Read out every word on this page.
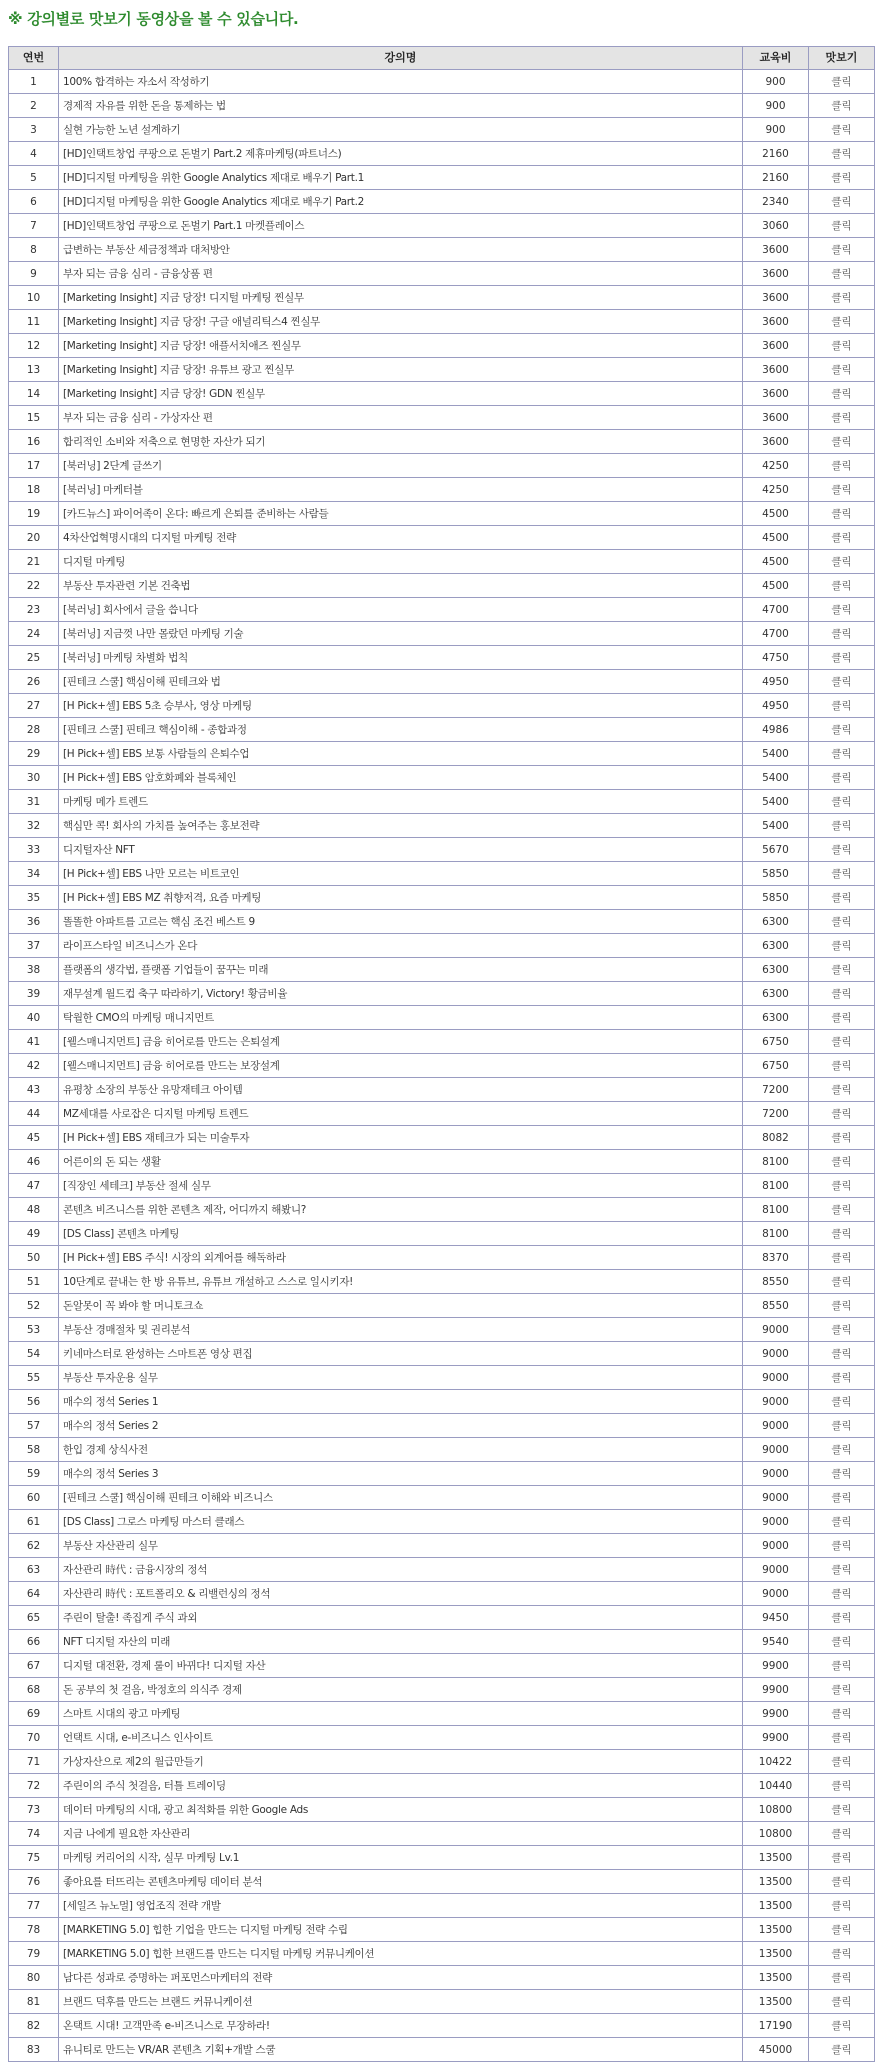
※ 강의별로 맛보기 동영상을 볼 수 있습니다.
연번	강의명	교육비	맛보기
1	100% 합격하는 자소서 작성하기	900	클릭
2	경제적 자유를 위한 돈을 통제하는 법	900	클릭
3	실현 가능한 노년 설계하기	900	클릭
4	[HD]인택트창업 쿠팡으로 돈벌기 Part.2 제휴마케팅(파트너스)	2160	클릭
5	[HD]디지털 마케팅을 위한 Google Analytics 제대로 배우기 Part.1	2160	클릭
6	[HD]디지털 마케팅을 위한 Google Analytics 제대로 배우기 Part.2	2340	클릭
7	[HD]인택트창업 쿠팡으로 돈벌기 Part.1 마켓플레이스	3060	클릭
8	급변하는 부동산 세금정책과 대처방안	3600	클릭
9	부자 되는 금융 심리 - 금융상품 편	3600	클릭
10	[Marketing Insight] 지금 당장! 디지털 마케팅 찐실무	3600	클릭
11	[Marketing Insight] 지금 당장! 구글 애널리틱스4 찐실무	3600	클릭
12	[Marketing Insight] 지금 당장! 애플서치애즈 찐실무	3600	클릭
13	[Marketing Insight] 지금 당장! 유튜브 광고 찐실무	3600	클릭
14	[Marketing Insight] 지금 당장! GDN 찐실무	3600	클릭
15	부자 되는 금융 심리 - 가상자산 편	3600	클릭
16	합리적인 소비와 저축으로 현명한 자산가 되기	3600	클릭
17	[북러닝] 2단계 글쓰기	4250	클릭
18	[북러닝] 마케터블	4250	클릭
19	[카드뉴스] 파이어족이 온다: 빠르게 은퇴를 준비하는 사람들	4500	클릭
20	4차산업혁명시대의 디지털 마케팅 전략	4500	클릭
21	디지털 마케팅	4500	클릭
22	부동산 투자관련 기본 건축법	4500	클릭
23	[북러닝] 회사에서 글을 씁니다	4700	클릭
24	[북러닝] 지금껏 나만 몰랐던 마케팅 기술	4700	클릭
25	[북러닝] 마케팅 차별화 법칙	4750	클릭
26	[핀테크 스쿨] 핵심이해 핀테크와 법	4950	클릭
27	[H Pick+셀] EBS 5초 승부사, 영상 마케팅	4950	클릭
28	[핀테크 스쿨] 핀테크 핵심이해 - 종합과정	4986	클릭
29	[H Pick+셀] EBS 보통 사람들의 은퇴수업	5400	클릭
30	[H Pick+셀] EBS 암호화폐와 블록체인	5400	클릭
31	마케팅 메가 트렌드	5400	클릭
32	핵심만 콕! 회사의 가치를 높여주는 홍보전략	5400	클릭
33	디지털자산 NFT	5670	클릭
34	[H Pick+셀] EBS 나만 모르는 비트코인	5850	클릭
35	[H Pick+셀] EBS MZ 취향저격, 요즘 마케팅	5850	클릭
36	똘똘한 아파트를 고르는 핵심 조건 베스트 9	6300	클릭
37	라이프스타일 비즈니스가 온다	6300	클릭
38	플랫폼의 생각법, 플랫폼 기업들이 꿈꾸는 미래	6300	클릭
39	재무설계 월드컵 축구 따라하기, Victory! 황금비율	6300	클릭
40	탁월한 CMO의 마케팅 매니지먼트	6300	클릭
41	[웰스매니지먼트] 금융 히어로를 만드는 은퇴설계	6750	클릭
42	[웰스매니지먼트] 금융 히어로를 만드는 보장설계	6750	클릭
43	유평창 소장의 부동산 유망재테크 아이템	7200	클릭
44	MZ세대를 사로잡은 디지털 마케팅 트렌드	7200	클릭
45	[H Pick+셀] EBS 재테크가 되는 미술투자	8082	클릭
46	어른이의 돈 되는 생활	8100	클릭
47	[직장인 세테크] 부동산 절세 실무	8100	클릭
48	콘텐츠 비즈니스를 위한 콘텐츠 제작, 어디까지 해봤니?	8100	클릭
49	[DS Class] 콘텐츠 마케팅	8100	클릭
50	[H Pick+셀] EBS 주식! 시장의 외계어를 해독하라	8370	클릭
51	10단계로 끝내는 한 방 유튜브, 유튜브 개설하고 스스로 일시키자!	8550	클릭
52	돈알못이 꼭 봐야 할 머니토크쇼	8550	클릭
53	부동산 경매절차 및 권리분석	9000	클릭
54	키네마스터로 완성하는 스마트폰 영상 편집	9000	클릭
55	부동산 투자운용 실무	9000	클릭
56	매수의 정석 Series 1	9000	클릭
57	매수의 정석 Series 2	9000	클릭
58	한입 경제 상식사전	9000	클릭
59	매수의 정석 Series 3	9000	클릭
60	[핀테크 스쿨] 핵심이해 핀테크 이해와 비즈니스	9000	클릭
61	[DS Class] 그로스 마케팅 마스터 클래스	9000	클릭
62	부동산 자산관리 실무	9000	클릭
63	자산관리 時代 : 금융시장의 정석	9000	클릭
64	자산관리 時代 : 포트폴리오 & 리밸런싱의 정석	9000	클릭
65	주린이 탈출! 족집게 주식 과외	9450	클릭
66	NFT 디지털 자산의 미래	9540	클릭
67	디지털 대전환, 경제 룰이 바뀌다! 디지털 자산	9900	클릭
68	돈 공부의 첫 걸음, 박정호의 의식주 경제	9900	클릭
69	스마트 시대의 광고 마케팅	9900	클릭
70	언택트 시대, e-비즈니스 인사이트	9900	클릭
71	가상자산으로 제2의 월급만들기	10422	클릭
72	주린이의 주식 첫걸음, 터틀 트레이딩	10440	클릭
73	데이터 마케팅의 시대, 광고 최적화를 위한 Google Ads	10800	클릭
74	지금 나에게 필요한 자산관리	10800	클릭
75	마케팅 커리어의 시작, 실무 마케팅 Lv.1	13500	클릭
76	좋아요를 터뜨리는 콘텐츠마케팅 데이터 분석	13500	클릭
77	[세일즈 뉴노멀] 영업조직 전략 개발	13500	클릭
78	[MARKETING 5.0] 힙한 기업을 만드는 디지털 마케팅 전략 수립	13500	클릭
79	[MARKETING 5.0] 힙한 브랜드를 만드는 디지털 마케팅 커뮤니케이션	13500	클릭
80	남다른 성과로 증명하는 퍼포먼스마케터의 전략	13500	클릭
81	브랜드 덕후를 만드는 브랜드 커뮤니케이션	13500	클릭
82	온택트 시대! 고객만족 e-비즈니스로 무장하라!	17190	클릭
83	유니티로 만드는 VR/AR 콘텐츠 기획+개발 스쿨	45000	클릭
